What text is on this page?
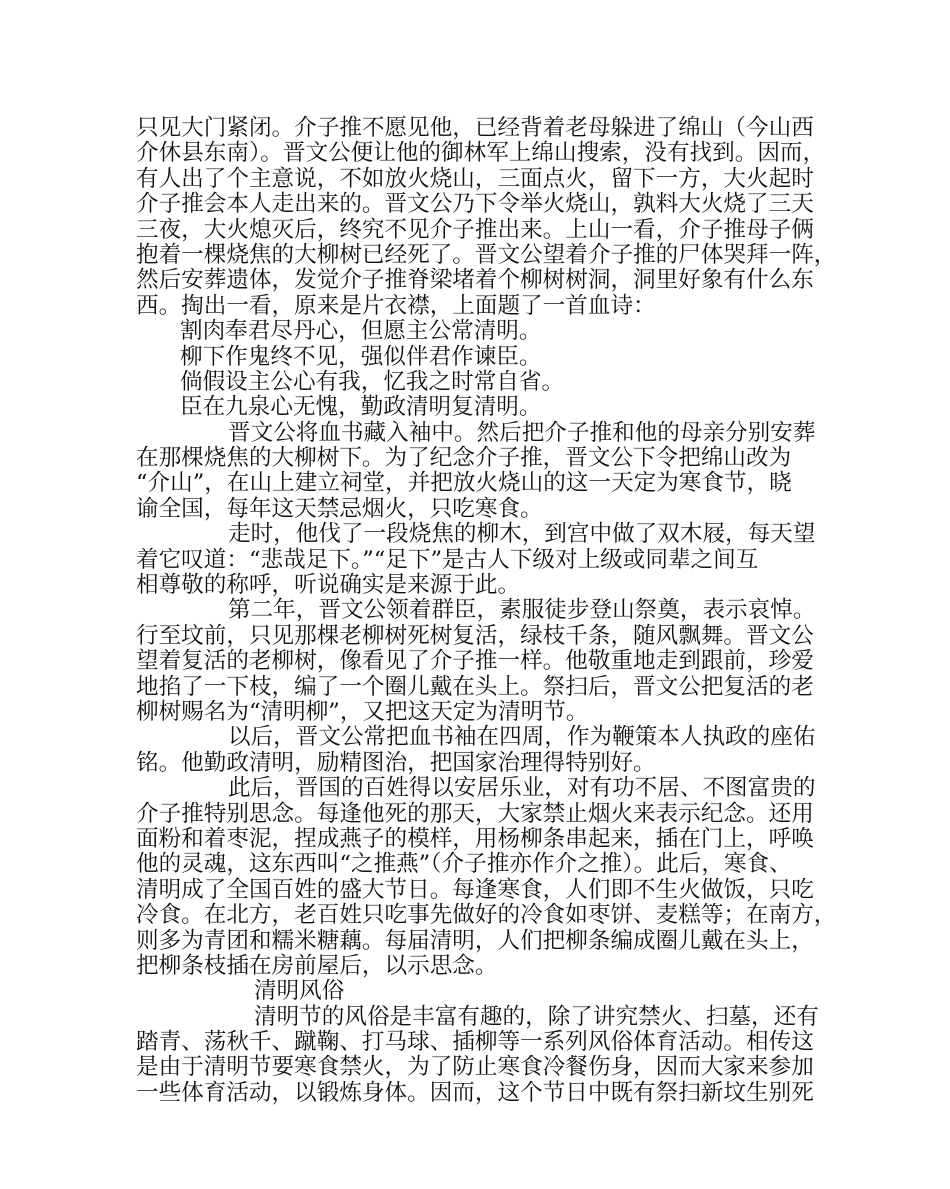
只见大门紧闭。介子推不愿见他，已经背着老母躲进了绵山（今山西
介休县东南）。晋文公便让他的御林军上绵山搜索，没有找到。因而，
有人出了个主意说，不如放火烧山，三面点火，留下一方，大火起时
介子推会本人走出来的。晋文公乃下令举火烧山，孰料大火烧了三天
三夜，大火熄灭后，终究不见介子推出来。上山一看，介子推母子俩
抱着一棵烧焦的大柳树已经死了。晋文公望着介子推的尸体哭拜一阵，
然后安葬遗体，发觉介子推脊梁堵着个柳树树洞，洞里好象有什么东
西。掏出一看，原来是片衣襟，上面题了一首血诗：
割肉奉君尽丹心，但愿主公常清明。
柳下作鬼终不见，强似伴君作谏臣。
倘假设主公心有我，忆我之时常自省。
臣在九泉心无愧，勤政清明复清明。
晋文公将血书藏入袖中。然后把介子推和他的母亲分别安葬
在那棵烧焦的大柳树下。为了纪念介子推，晋文公下令把绵山改为
“介山”，在山上建立祠堂，并把放火烧山的这一天定为寒食节，晓
谕全国，每年这天禁忌烟火，只吃寒食。
走时，他伐了一段烧焦的柳木，到宫中做了双木屐，每天望
着它叹道：“悲哉足下。”“足下”是古人下级对上级或同辈之间互
相尊敬的称呼，听说确实是来源于此。
第二年，晋文公领着群臣，素服徒步登山祭奠，表示哀悼。
行至坟前，只见那棵老柳树死树复活，绿枝千条，随风飘舞。晋文公
望着复活的老柳树，像看见了介子推一样。他敬重地走到跟前，珍爱
地掐了一下枝，编了一个圈儿戴在头上。祭扫后，晋文公把复活的老
柳树赐名为“清明柳”，又把这天定为清明节。
以后，晋文公常把血书袖在四周，作为鞭策本人执政的座佑
铭。他勤政清明，励精图治，把国家治理得特别好。
此后，晋国的百姓得以安居乐业，对有功不居、不图富贵的
介子推特别思念。每逢他死的那天，大家禁止烟火来表示纪念。还用
面粉和着枣泥，捏成燕子的模样，用杨柳条串起来，插在门上，呼唤
他的灵魂，这东西叫“之推燕”（介子推亦作介之推）。此后，寒食、
清明成了全国百姓的盛大节日。每逢寒食，人们即不生火做饭，只吃
冷食。在北方，老百姓只吃事先做好的冷食如枣饼、麦糕等；在南方，
则多为青团和糯米糖藕。每届清明，人们把柳条编成圈儿戴在头上，
把柳条枝插在房前屋后，以示思念。
清明风俗
清明节的风俗是丰富有趣的，除了讲究禁火、扫墓，还有
踏青、荡秋千、蹴鞠、打马球、插柳等一系列风俗体育活动。相传这
是由于清明节要寒食禁火，为了防止寒食冷餐伤身，因而大家来参加
一些体育活动，以锻炼身体。因而，这个节日中既有祭扫新坟生别死
